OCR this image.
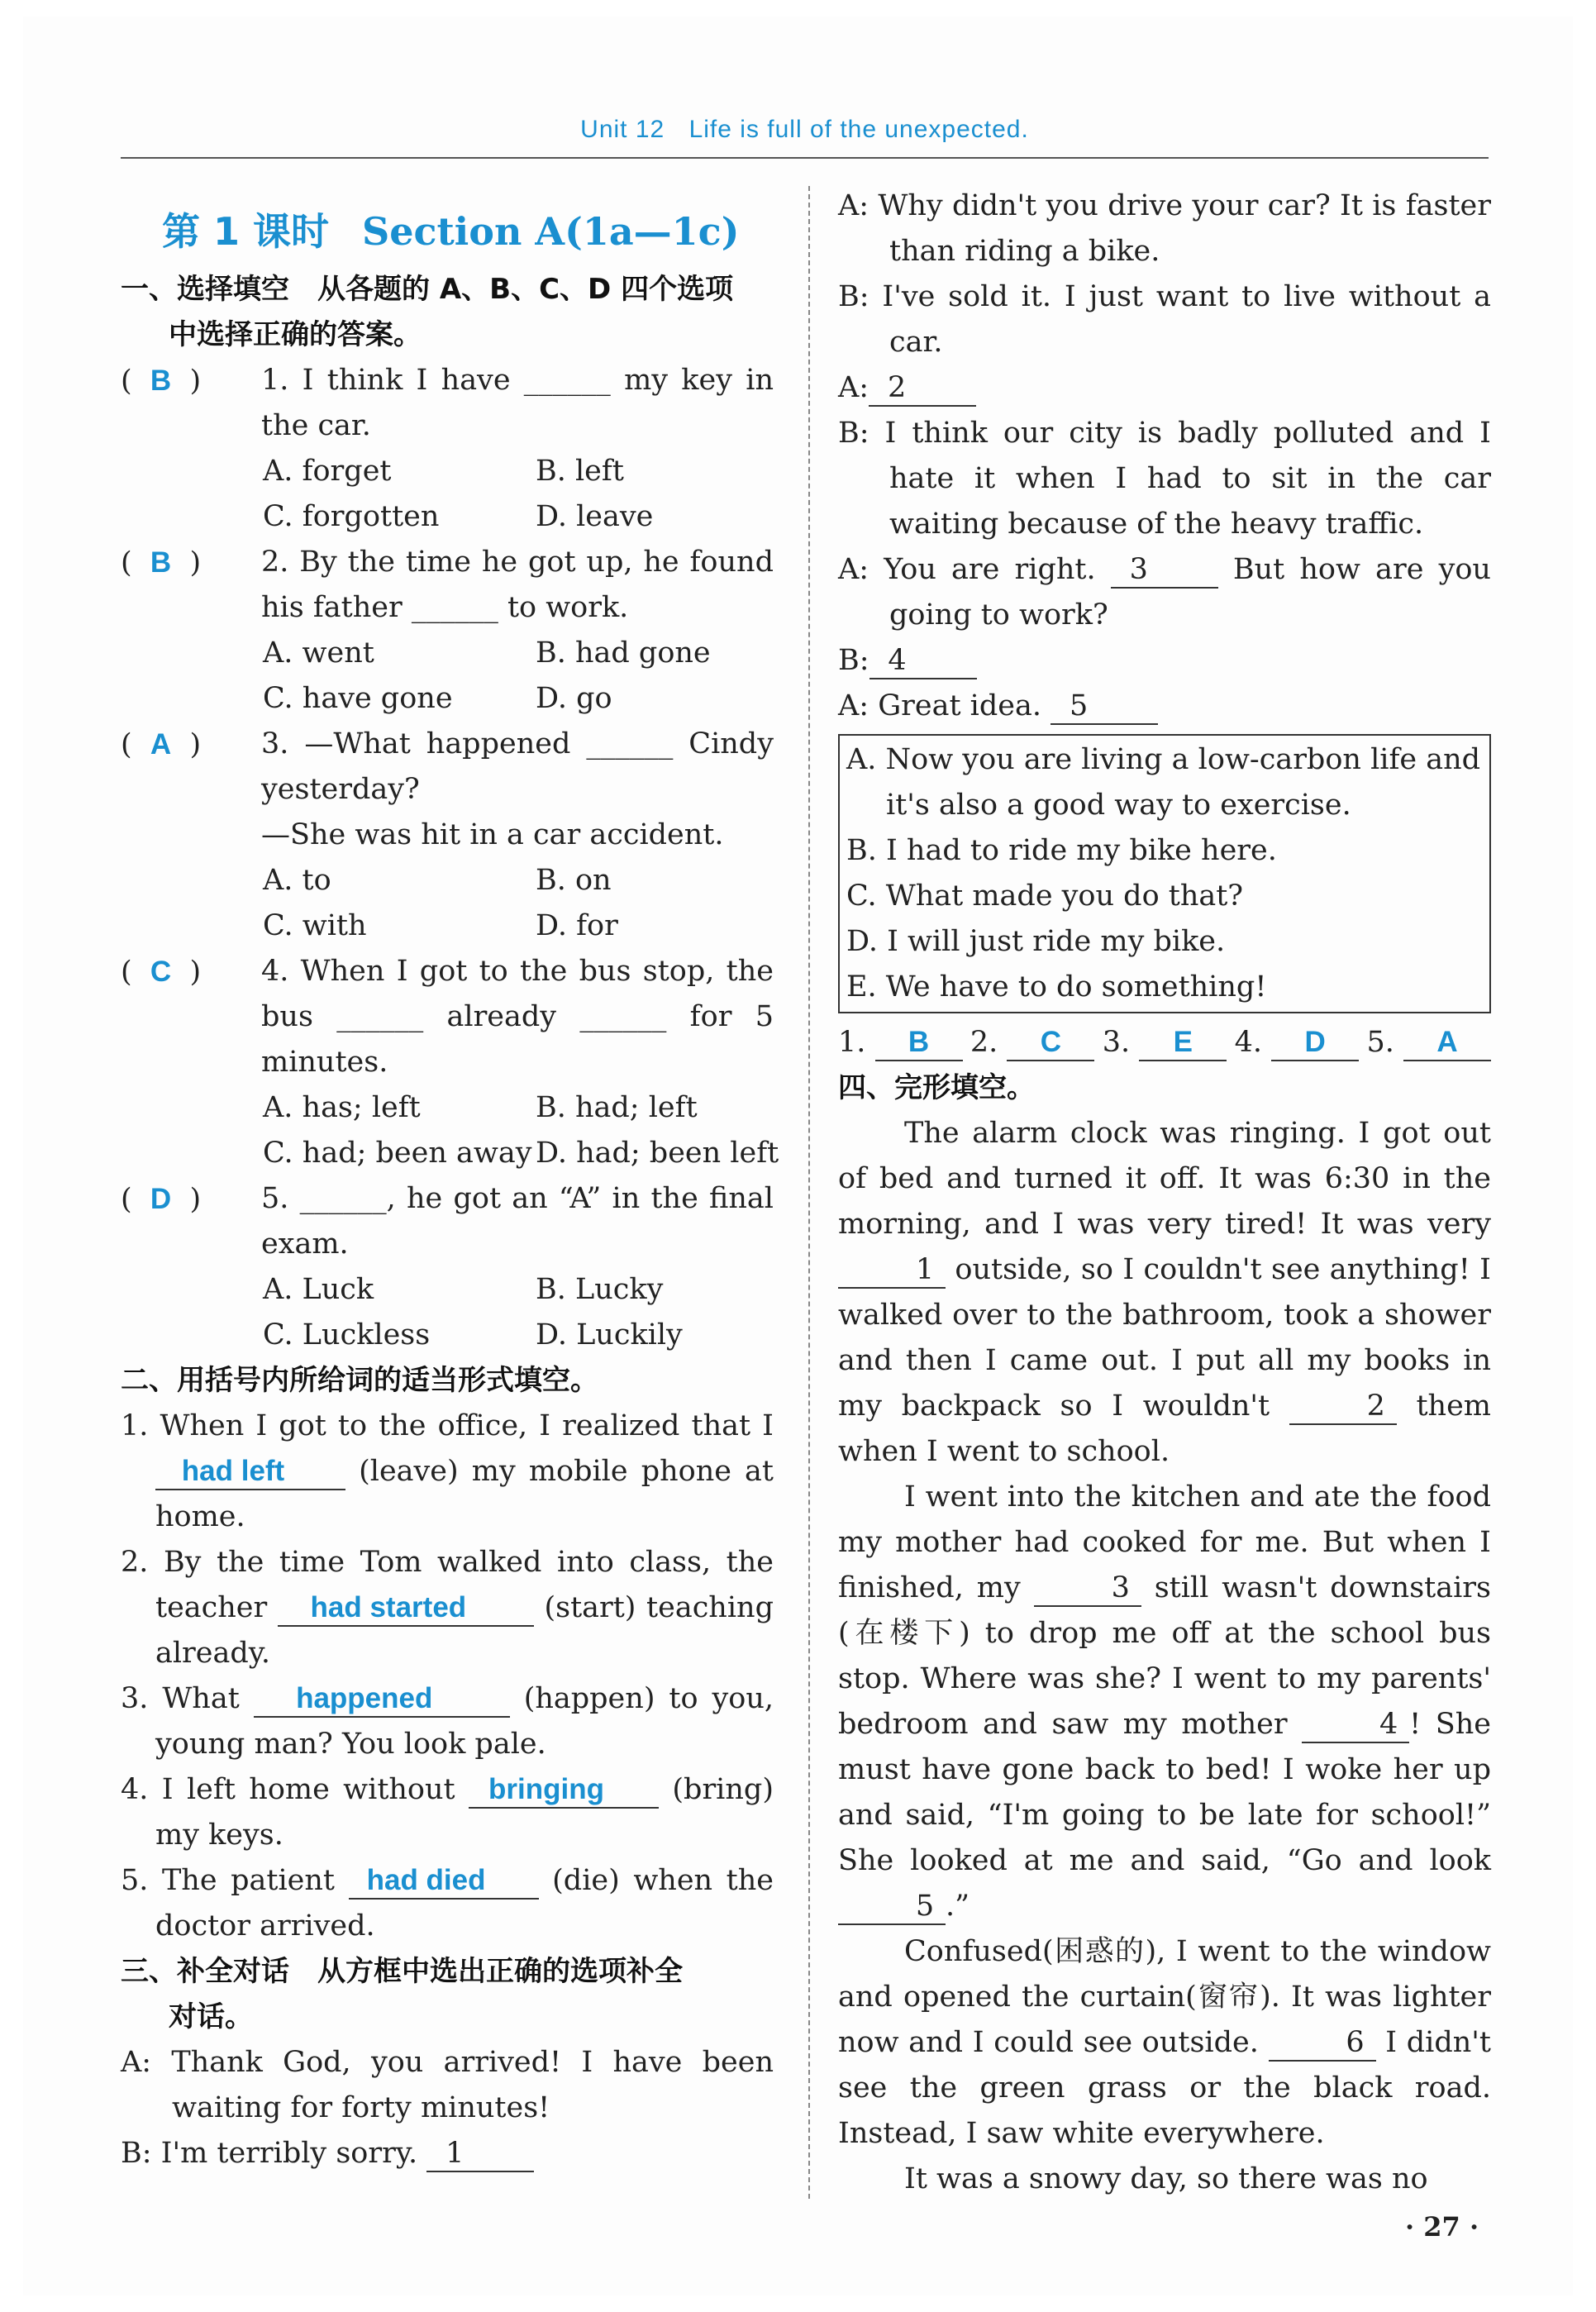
Unit 12 Life is full of the unexpected.
第 1 课时 Section A(1a—1c)
一、选择填空　从各题的 A、B、C、D 四个选项
中选择正确的答案。
(  B  )	1. I think I have ______ my key in the car.
A. forget	B. left
C. forgotten	D. leave
(  B  )	2. By the time he got up, he found his father ______ to work.
A. went	B. had gone
C. have gone	D. go
(  A  )	3. —What happened ______ Cindy yesterday?
—She was hit in a car accident.
A. to	B. on
C. with	D. for
(  C  )	4. When I got to the bus stop, the bus ______ already ______ for 5 minutes.
A. has; left	B. had; left
C. had; been away D. had; been left
(  D  )	5. ______, he got an “A” in the final exam.
A. Luck	B. Lucky
C. Luckless	D. Luckily
二、用括号内所给词的适当形式填空。
1. When I got to the office, I realized that I had left	(leave) my mobile phone at home.
2. By the time Tom walked into class, the teacher had started	(start) teaching already.
3. What happened	(happen) to you, young man? You look pale.
4. I left home without bringing (bring) my keys.
5. The patient had died (die) when the doctor arrived.
三、补全对话　从方框中选出正确的选项补全
对话。
A: Thank God, you arrived! I have been waiting for forty minutes!
B: I'm terribly sorry. 1
A: Why didn't you drive your car? It is faster than riding a bike.
B: I've sold it. I just want to live without a car.
A: 2
B: I think our city is badly polluted and I hate it when I had to sit in the car waiting because of the heavy traffic.
A: You are right. 3	But how are you going to work?
B: 4
A: Great idea. 5
A. Now you are living a low-carbon life and it's also a good way to exercise.
B. I had to ride my bike here.
C. What made you do that?
D. I will just ride my bike.
E. We have to do something!
1.	B	2.	C	3.	E	4.	D	5.	A
四、完形填空。
The alarm clock was ringing. I got out of bed and turned it off. It was 6:30 in the morning, and I was very tired! It was very 1 outside, so I couldn't see anything! I walked over to the bathroom, took a shower and then I came out. I put all my books in my backpack so I wouldn't	2 them when I went to school.
I went into the kitchen and ate the food my mother had cooked for me. But when I finished, my	3 still wasn't downstairs (在楼下) to drop me off at the school bus stop. Where was she? I went to my parents' bedroom and saw my mother	4 ! She must have gone back to bed! I woke her up and said, “I'm going to be late for school!” She looked at me and said, “Go and look 5 .”
Confused(困惑的), I went to the window and opened the curtain(窗帘). It was lighter now and I could see outside.	6 I didn't see the green grass or the black road. Instead, I saw white everywhere.
It was a snowy day, so there was no
· 27 ·
